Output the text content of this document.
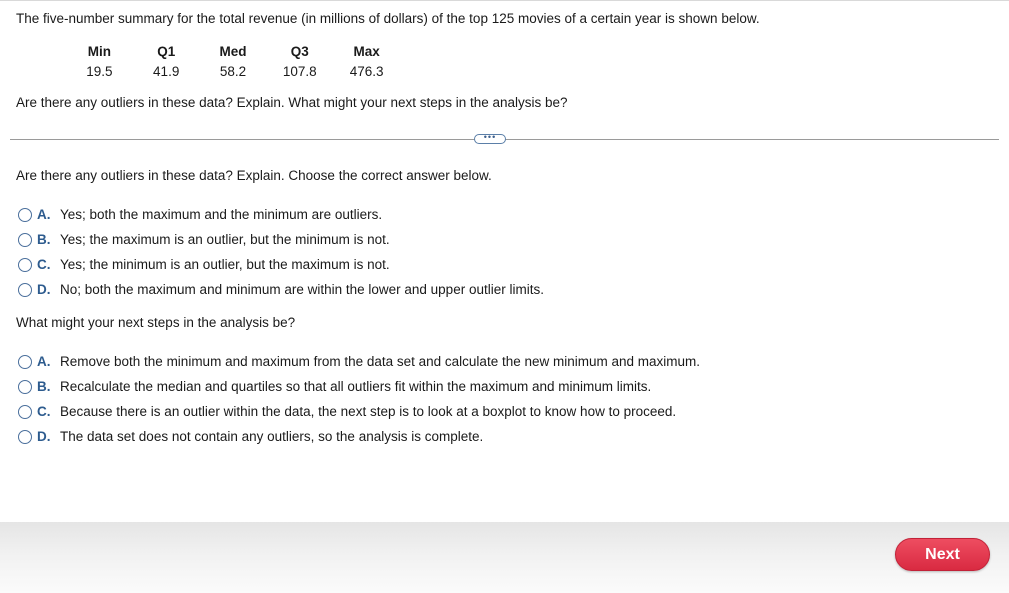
The five-number summary for the total revenue (in millions of dollars) of the top 125 movies of a certain year is shown below.
Min	Q1	Med	Q3	Max
19.5	41.9	58.2	107.8	476.3
Are there any outliers in these data? Explain. What might your next steps in the analysis be?
•••
Are there any outliers in these data? Explain. Choose the correct answer below.
A. Yes; both the maximum and the minimum are outliers.
B. Yes; the maximum is an outlier, but the minimum is not.
C. Yes; the minimum is an outlier, but the maximum is not.
D. No; both the maximum and minimum are within the lower and upper outlier limits.
What might your next steps in the analysis be?
A. Remove both the minimum and maximum from the data set and calculate the new minimum and maximum.
B. Recalculate the median and quartiles so that all outliers fit within the maximum and minimum limits.
C. Because there is an outlier within the data, the next step is to look at a boxplot to know how to proceed.
D. The data set does not contain any outliers, so the analysis is complete.
Next
